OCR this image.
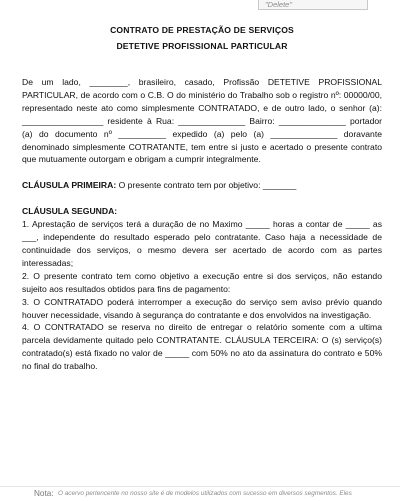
"Delete"
CONTRATO DE PRESTAÇÃO DE SERVIÇOS
DETETIVE PROFISSIONAL PARTICULAR

De um lado, ________, brasileiro, casado, Profissão DETETIVE PROFISSIONAL PARTICULAR, de acordo com o C.B. O do ministério do Trabalho sob o registro nº: 00000/00, representado neste ato como simplesmente CONTRATADO, e de outro lado, o senhor (a): _________________ residente à Rua: ______________ Bairro: ______________ portador (a) do documento nº __________ expedido (a) pelo (a) ______________ doravante denominado simplesmente COTRATANTE, tem entre si justo e acertado o presente contrato que mutuamente outorgam e obrigam a cumprir integralmente.

CLÁUSULA PRIMEIRA: O presente contrato tem por objetivo: _______

CLÁUSULA SEGUNDA:

1. Aprestação de serviços terá a duração de no Maximo _____ horas a contar de _____ as ___, independente do resultado esperado pelo contratante. Caso haja a necessidade de continuidade dos serviços, o mesmo devera ser acertado de acordo com as partes interessadas;

2. O presente contrato tem como objetivo a execução entre si dos serviços, não estando sujeito aos resultados obtidos para fins de pagamento:

3. O CONTRATADO poderá interromper a execução do serviço sem aviso prévio quando houver necessidade, visando à segurança do contratante e dos envolvidos na investigação.

4. O CONTRATADO se reserva no direito de entregar o relatório somente com a ultima parcela devidamente quitado pelo CONTRATANTE. CLÁUSULA TERCEIRA: O (s) serviço(s) contratado(s) está fixado no valor de _____ com 50% no ato da assinatura do contrato e 50% no final do trabalho.

Nota: O acervo pertencente no nosso site é de modelos utilizados com sucesso em diversos segmentos. Eles
